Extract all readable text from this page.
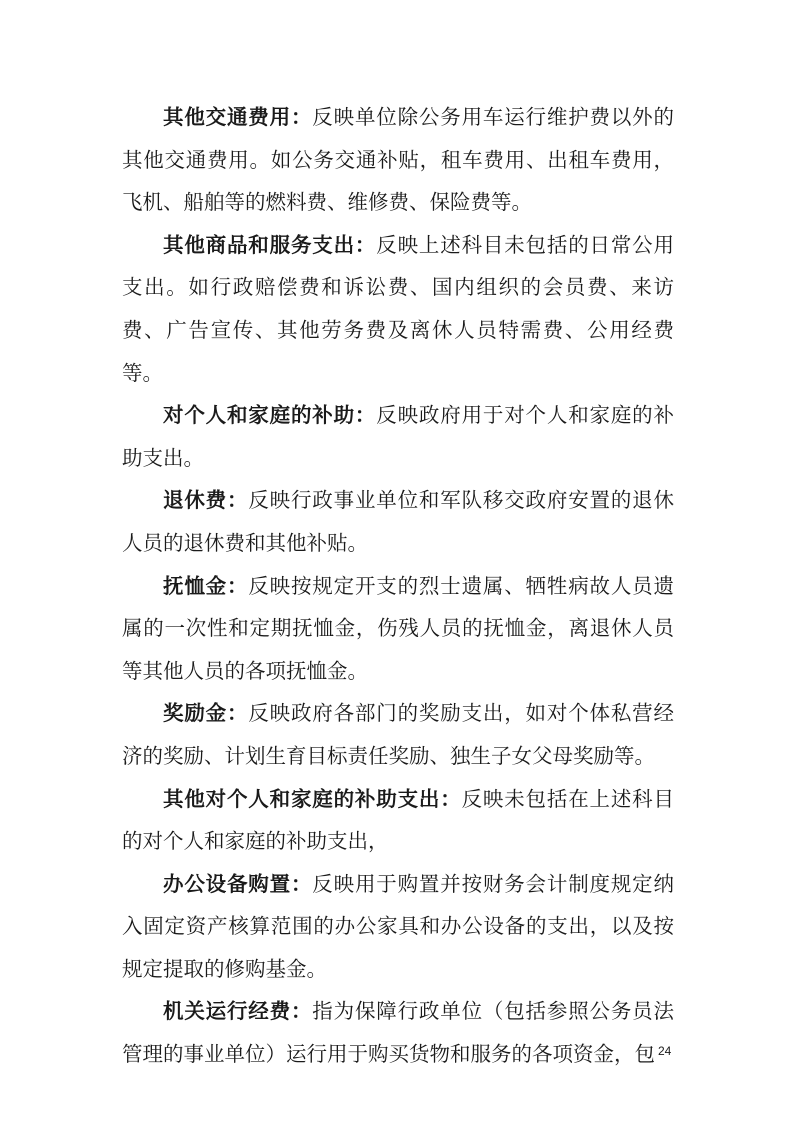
其他交通费用：反映单位除公务用车运行维护费以外的其他交通费用。如公务交通补贴，租车费用、出租车费用，飞机、船舶等的燃料费、维修费、保险费等。

其他商品和服务支出：反映上述科目未包括的日常公用支出。如行政赔偿费和诉讼费、国内组织的会员费、来访费、广告宣传、其他劳务费及离休人员特需费、公用经费等。

对个人和家庭的补助：反映政府用于对个人和家庭的补助支出。

退休费：反映行政事业单位和军队移交政府安置的退休人员的退休费和其他补贴。

抚恤金：反映按规定开支的烈士遗属、牺牲病故人员遗属的一次性和定期抚恤金，伤残人员的抚恤金，离退休人员等其他人员的各项抚恤金。

奖励金：反映政府各部门的奖励支出，如对个体私营经济的奖励、计划生育目标责任奖励、独生子女父母奖励等。

其他对个人和家庭的补助支出：反映未包括在上述科目的对个人和家庭的补助支出，

办公设备购置：反映用于购置并按财务会计制度规定纳入固定资产核算范围的办公家具和办公设备的支出，以及按规定提取的修购基金。

机关运行经费：指为保障行政单位（包括参照公务员法管理的事业单位）运行用于购买货物和服务的各项资金，包 24
